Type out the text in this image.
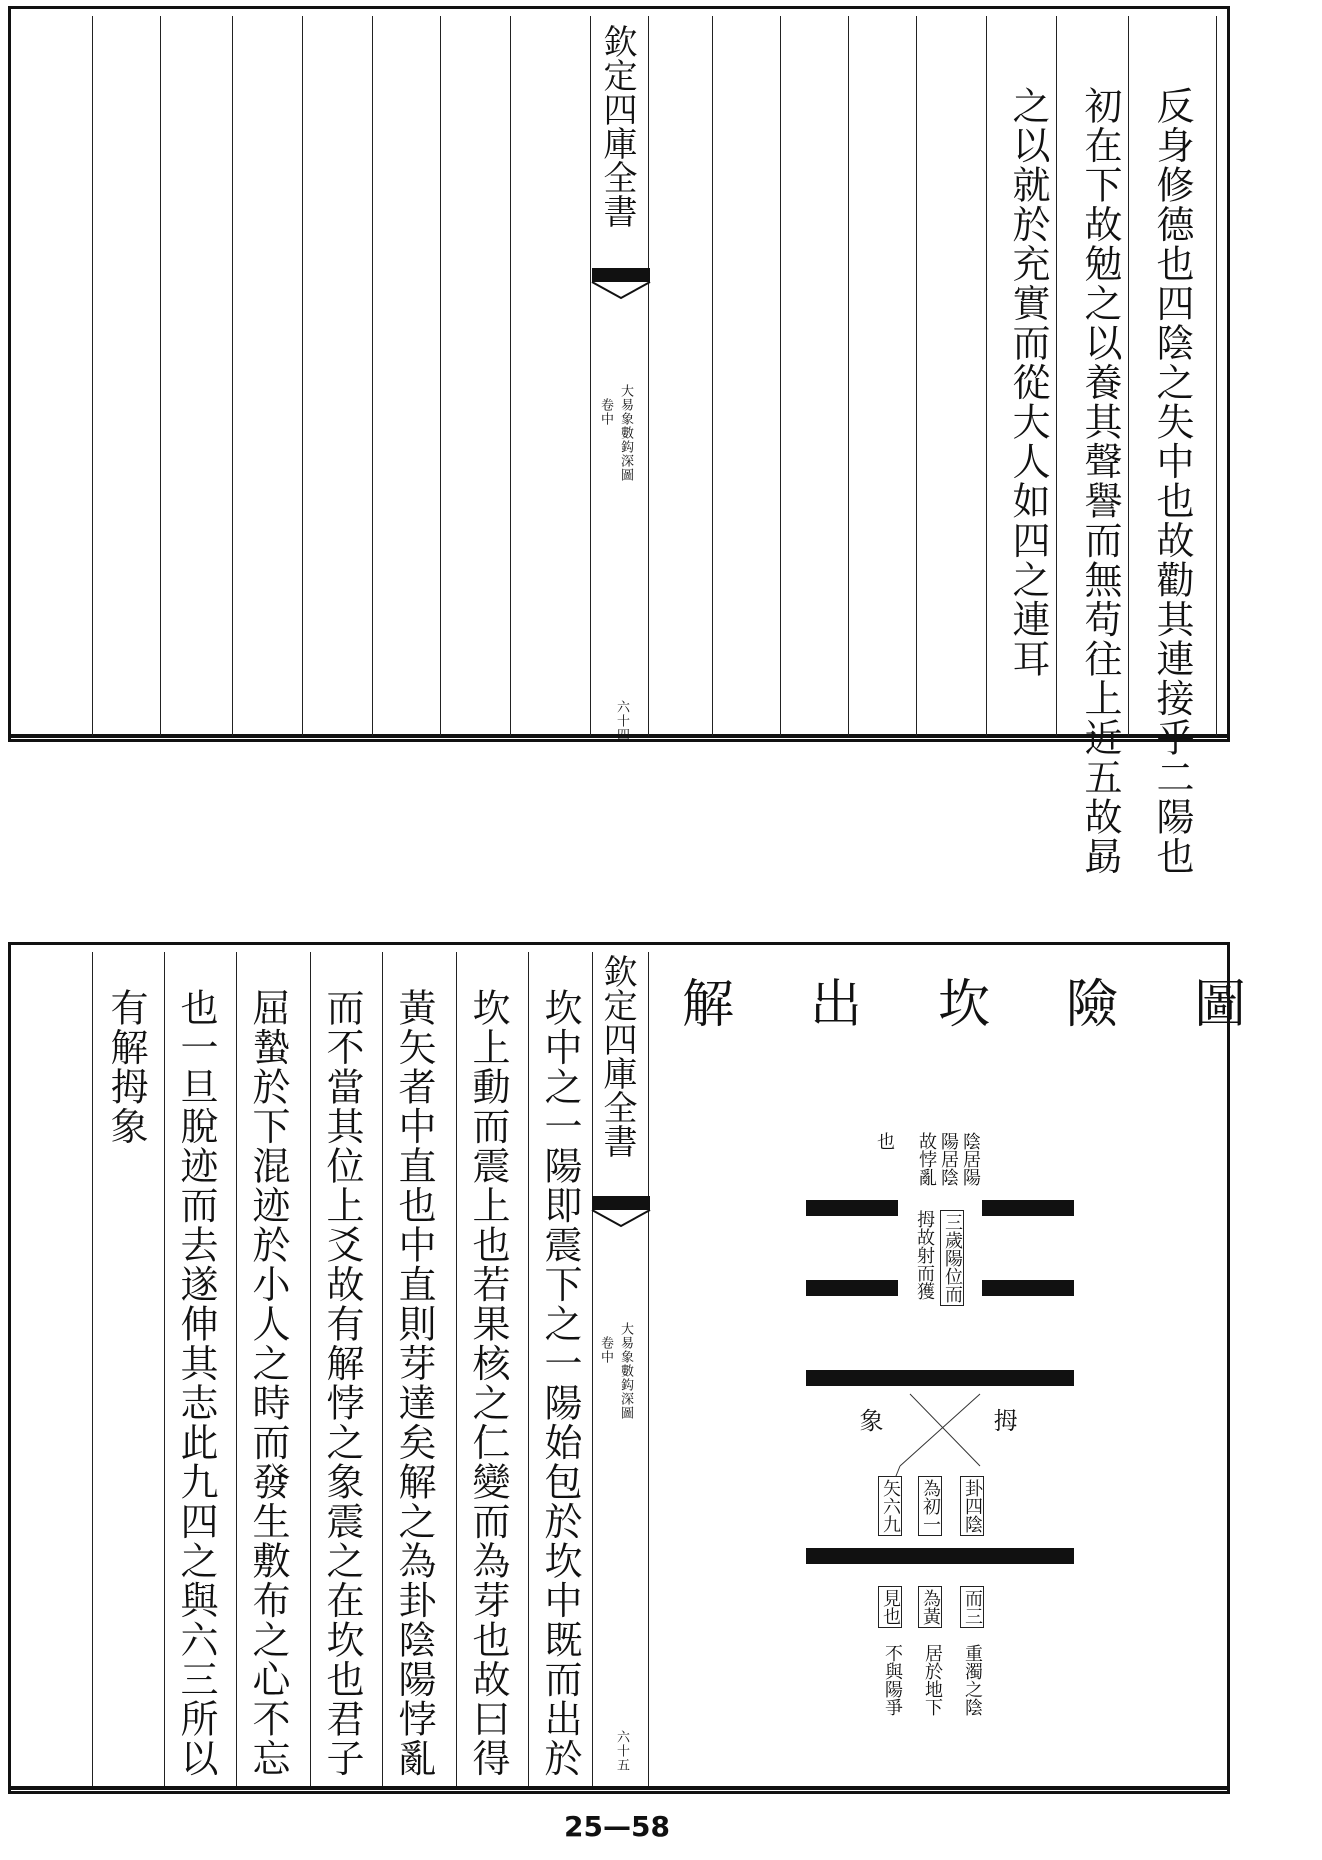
欽定四庫全書
大易象數鈎深圖
卷中
六十四	反身修德也四陰之失中也故勸其連接乎二陽也
初在下故勉之以養其聲譽而無苟往上近五故勗
之以就於充實而從大人如四之連耳
欽定四庫全書
大易象數鈎深圖
卷中
六十五
坎中之一陽即震下之一陽始包於坎中既而出於
坎上動而震上也若果核之仁變而為芽也故曰得
黃矢者中直也中直則芽達矣解之為卦陰陽悖亂
而不當其位上爻故有解悖之象震之在坎也君子
屈蟄於下混迹於小人之時而發生敷布之心不忘
也一旦脫迹而去遂伸其志此九四之與六三所以
有解拇象	解出坎險圖
陰居陽
陽居陰
故悖亂
也
三歲陽位而
拇故射而獲
拇
象
卦四陰
為初一
矢六九
而三
為黃
見也
重濁之陰
居於地下
不與陽爭
25—58
